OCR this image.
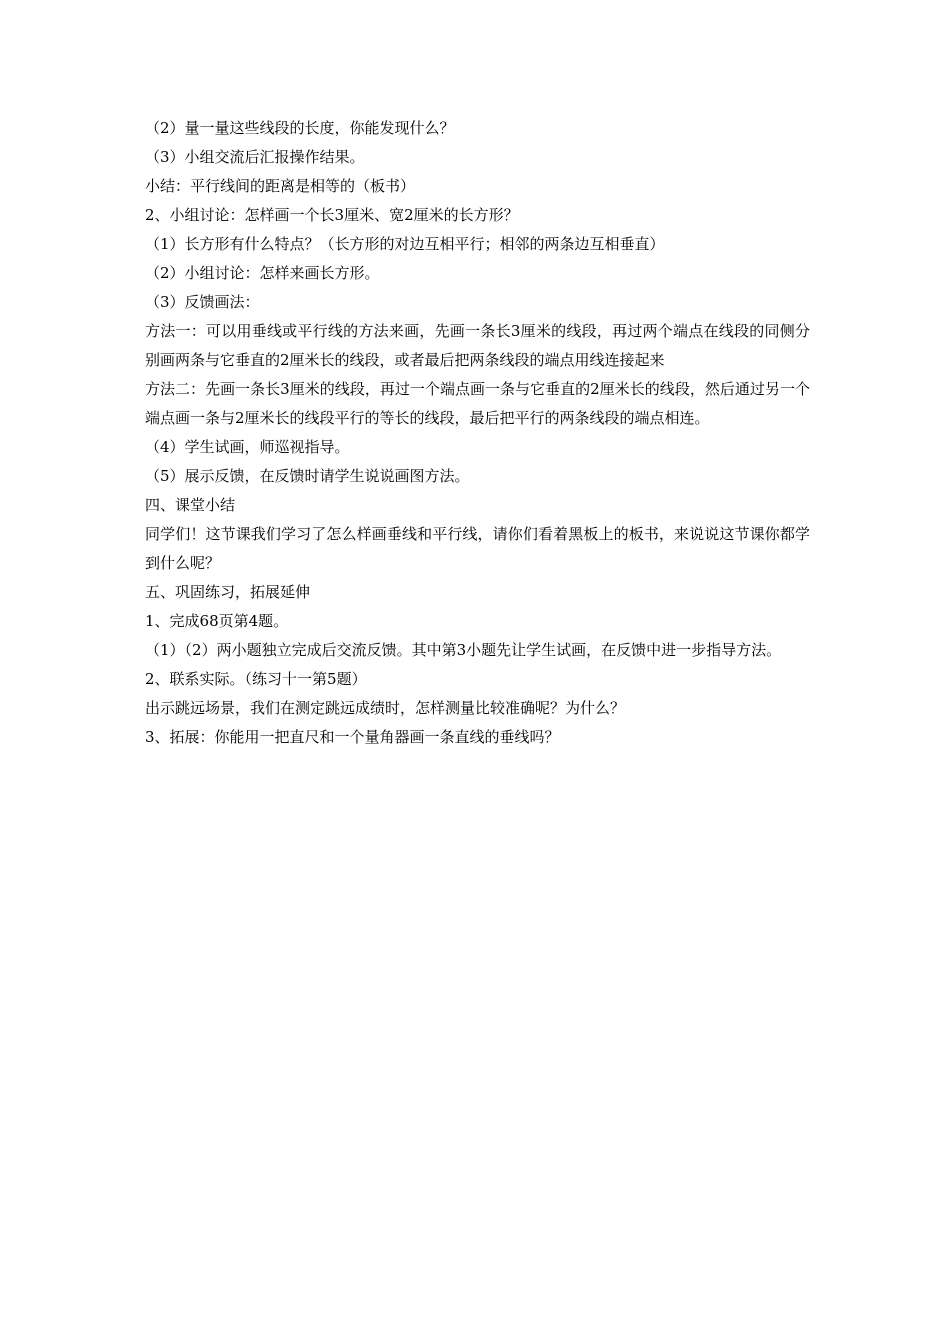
（2）量一量这些线段的长度，你能发现什么？

（3）小组交流后汇报操作结果。

小结：平行线间的距离是相等的（板书）

2、小组讨论：怎样画一个长3厘米、宽2厘米的长方形？

（1）长方形有什么特点？（长方形的对边互相平行；相邻的两条边互相垂直）

（2）小组讨论：怎样来画长方形。

（3）反馈画法：

方法一：可以用垂线或平行线的方法来画，先画一条长3厘米的线段，再过两个端点在线段的同侧分别画两条与它垂直的2厘米长的线段，或者最后把两条线段的端点用线连接起来

方法二：先画一条长3厘米的线段，再过一个端点画一条与它垂直的2厘米长的线段，然后通过另一个端点画一条与2厘米长的线段平行的等长的线段，最后把平行的两条线段的端点相连。

（4）学生试画，师巡视指导。

（5）展示反馈，在反馈时请学生说说画图方法。

四、课堂小结

同学们！这节课我们学习了怎么样画垂线和平行线，请你们看着黑板上的板书，来说说这节课你都学到什么呢？

五、巩固练习，拓展延伸

1、完成68页第4题。

（1）（2）两小题独立完成后交流反馈。其中第3小题先让学生试画，在反馈中进一步指导方法。

2、联系实际。（练习十一第5题）

出示跳远场景，我们在测定跳远成绩时，怎样测量比较准确呢？为什么？

3、拓展：你能用一把直尺和一个量角器画一条直线的垂线吗？
